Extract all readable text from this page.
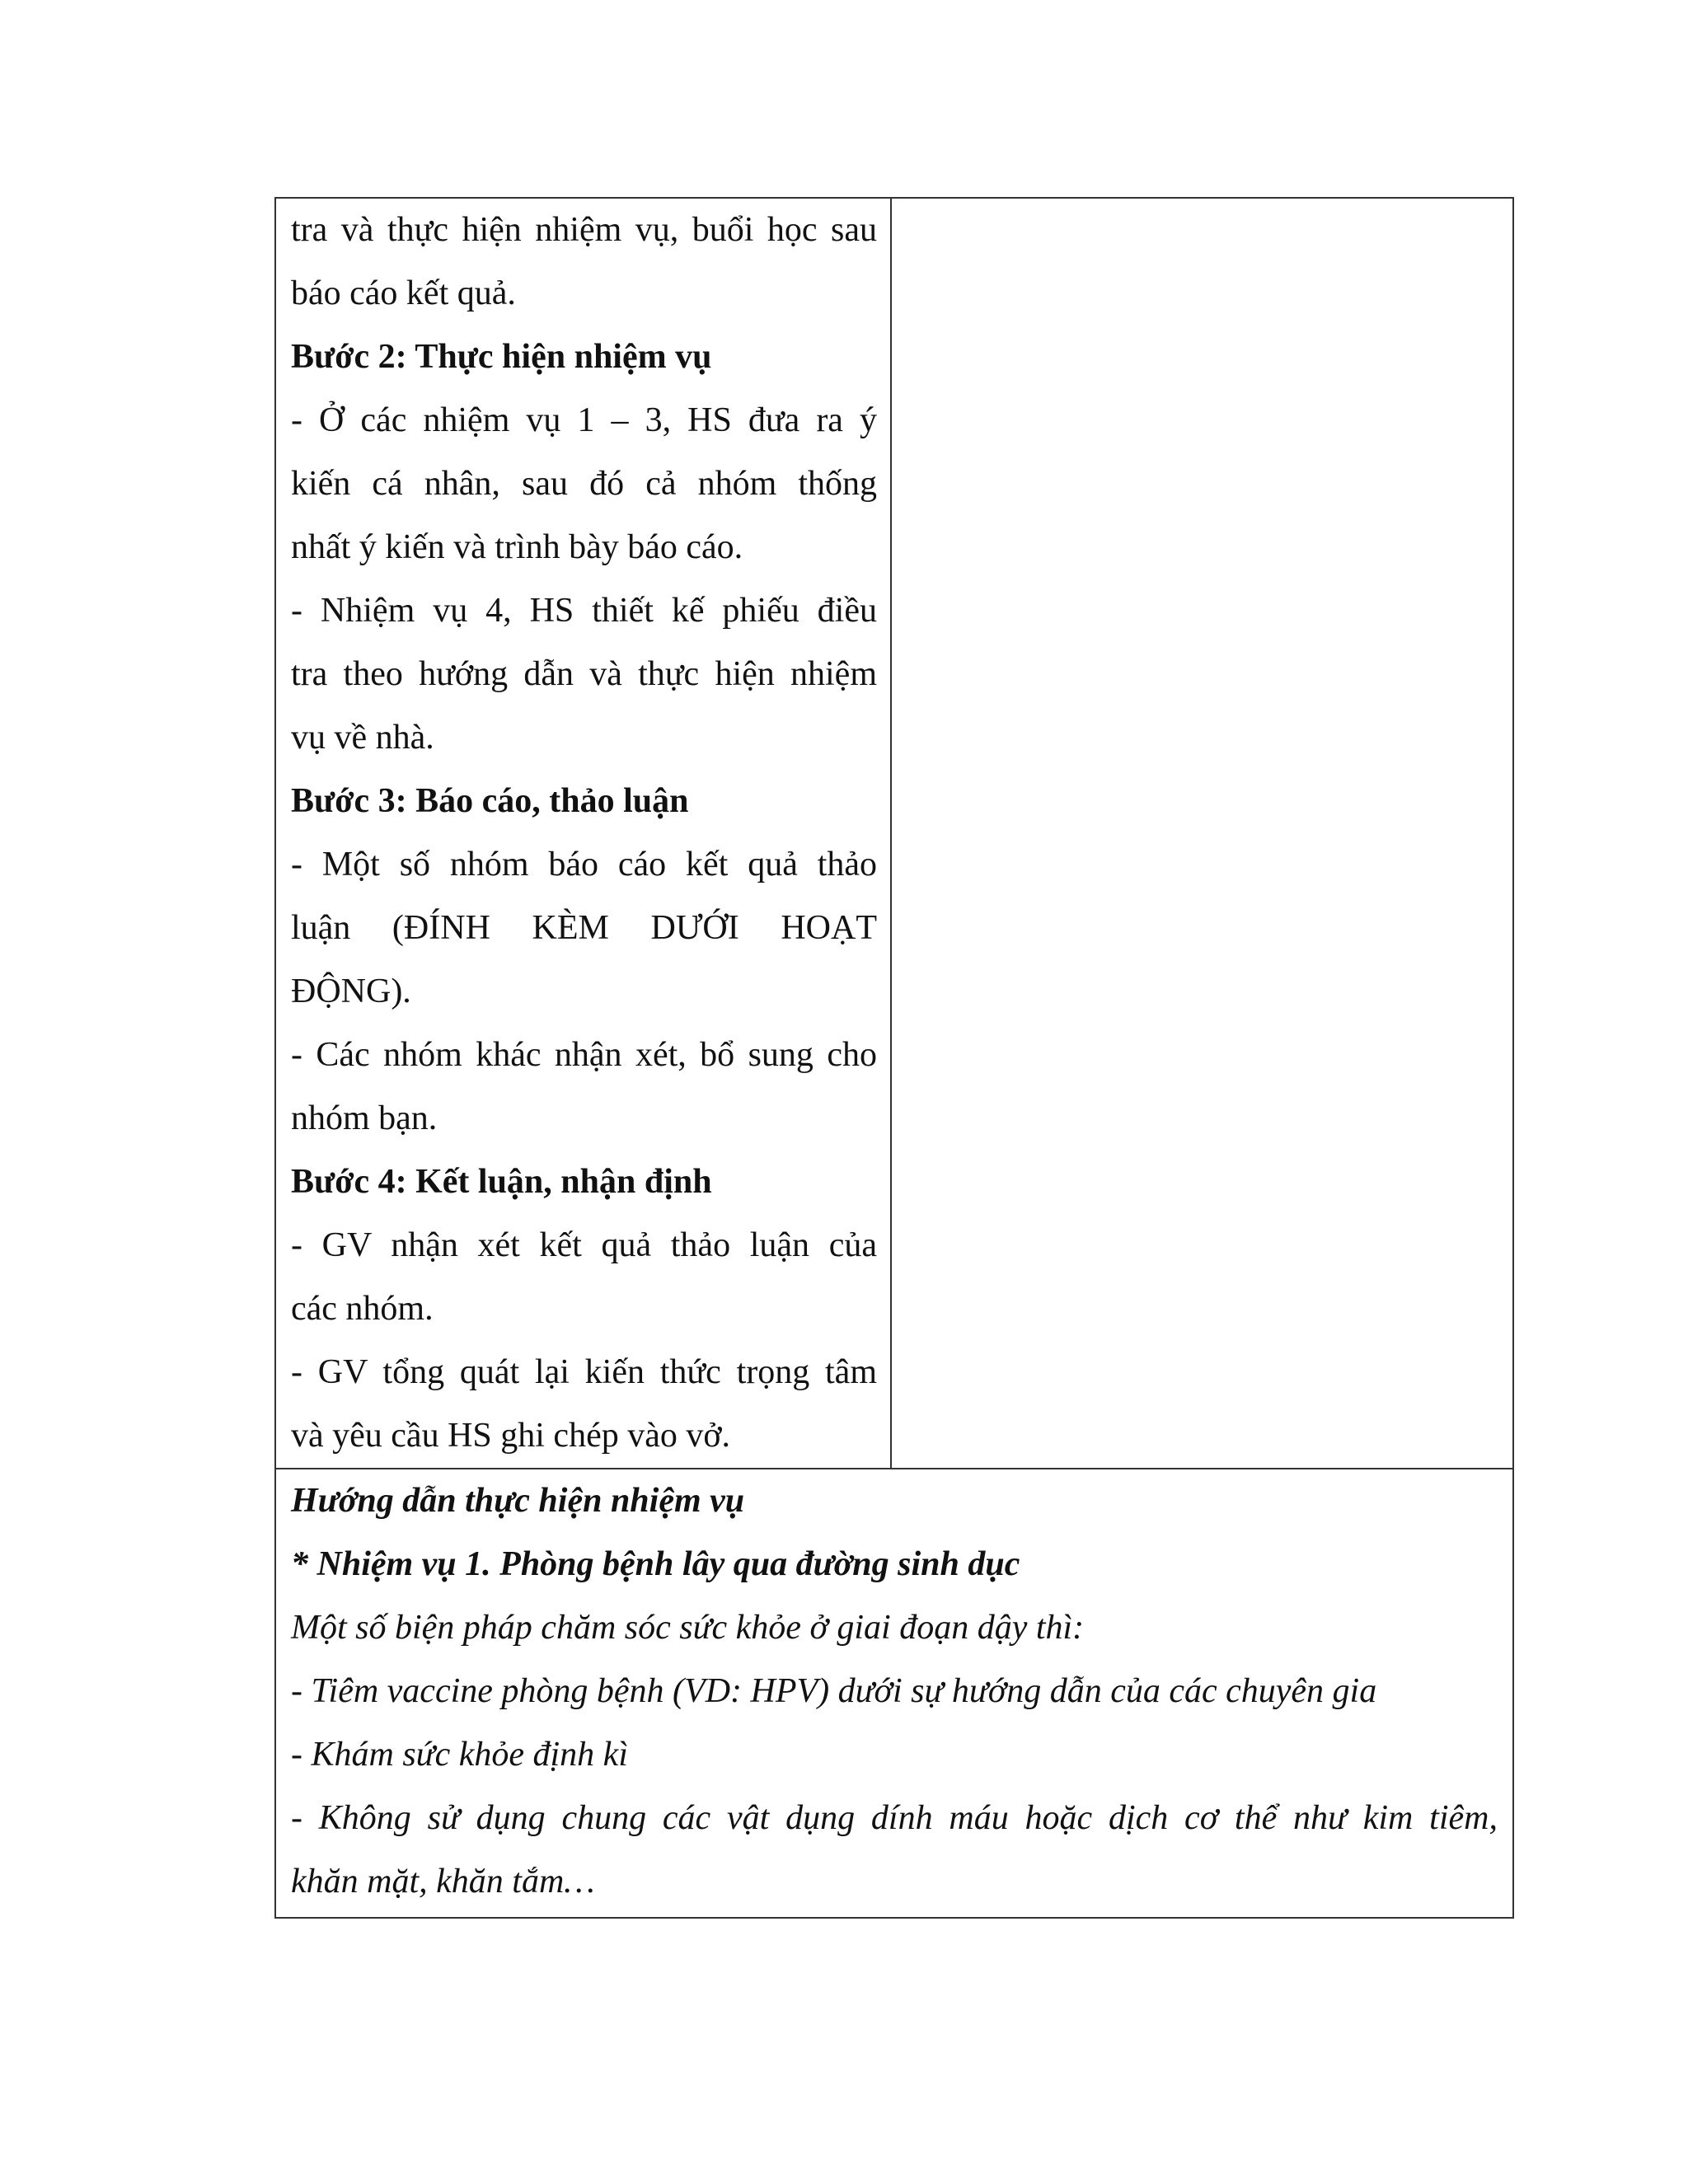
tra và thực hiện nhiệm vụ, buổi học sau
báo cáo kết quả.
Bước 2: Thực hiện nhiệm vụ
- Ở các nhiệm vụ 1 – 3, HS đưa ra ý
kiến cá nhân, sau đó cả nhóm thống
nhất ý kiến và trình bày báo cáo.
- Nhiệm vụ 4, HS thiết kế phiếu điều
tra theo hướng dẫn và thực hiện nhiệm
vụ về nhà.
Bước 3: Báo cáo, thảo luận
- Một số nhóm báo cáo kết quả thảo
luận (ĐÍNH KÈM DƯỚI HOẠT
ĐỘNG).
- Các nhóm khác nhận xét, bổ sung cho
nhóm bạn.
Bước 4: Kết luận, nhận định
- GV nhận xét kết quả thảo luận của
các nhóm.
- GV tổng quát lại kiến thức trọng tâm
và yêu cầu HS ghi chép vào vở.
Hướng dẫn thực hiện nhiệm vụ
* Nhiệm vụ 1. Phòng bệnh lây qua đường sinh dục
Một số biện pháp chăm sóc sức khỏe ở giai đoạn dậy thì:
- Tiêm vaccine phòng bệnh (VD: HPV) dưới sự hướng dẫn của các chuyên gia
- Khám sức khỏe định kì
- Không sử dụng chung các vật dụng dính máu hoặc dịch cơ thể như kim tiêm,
khăn mặt, khăn tắm…
